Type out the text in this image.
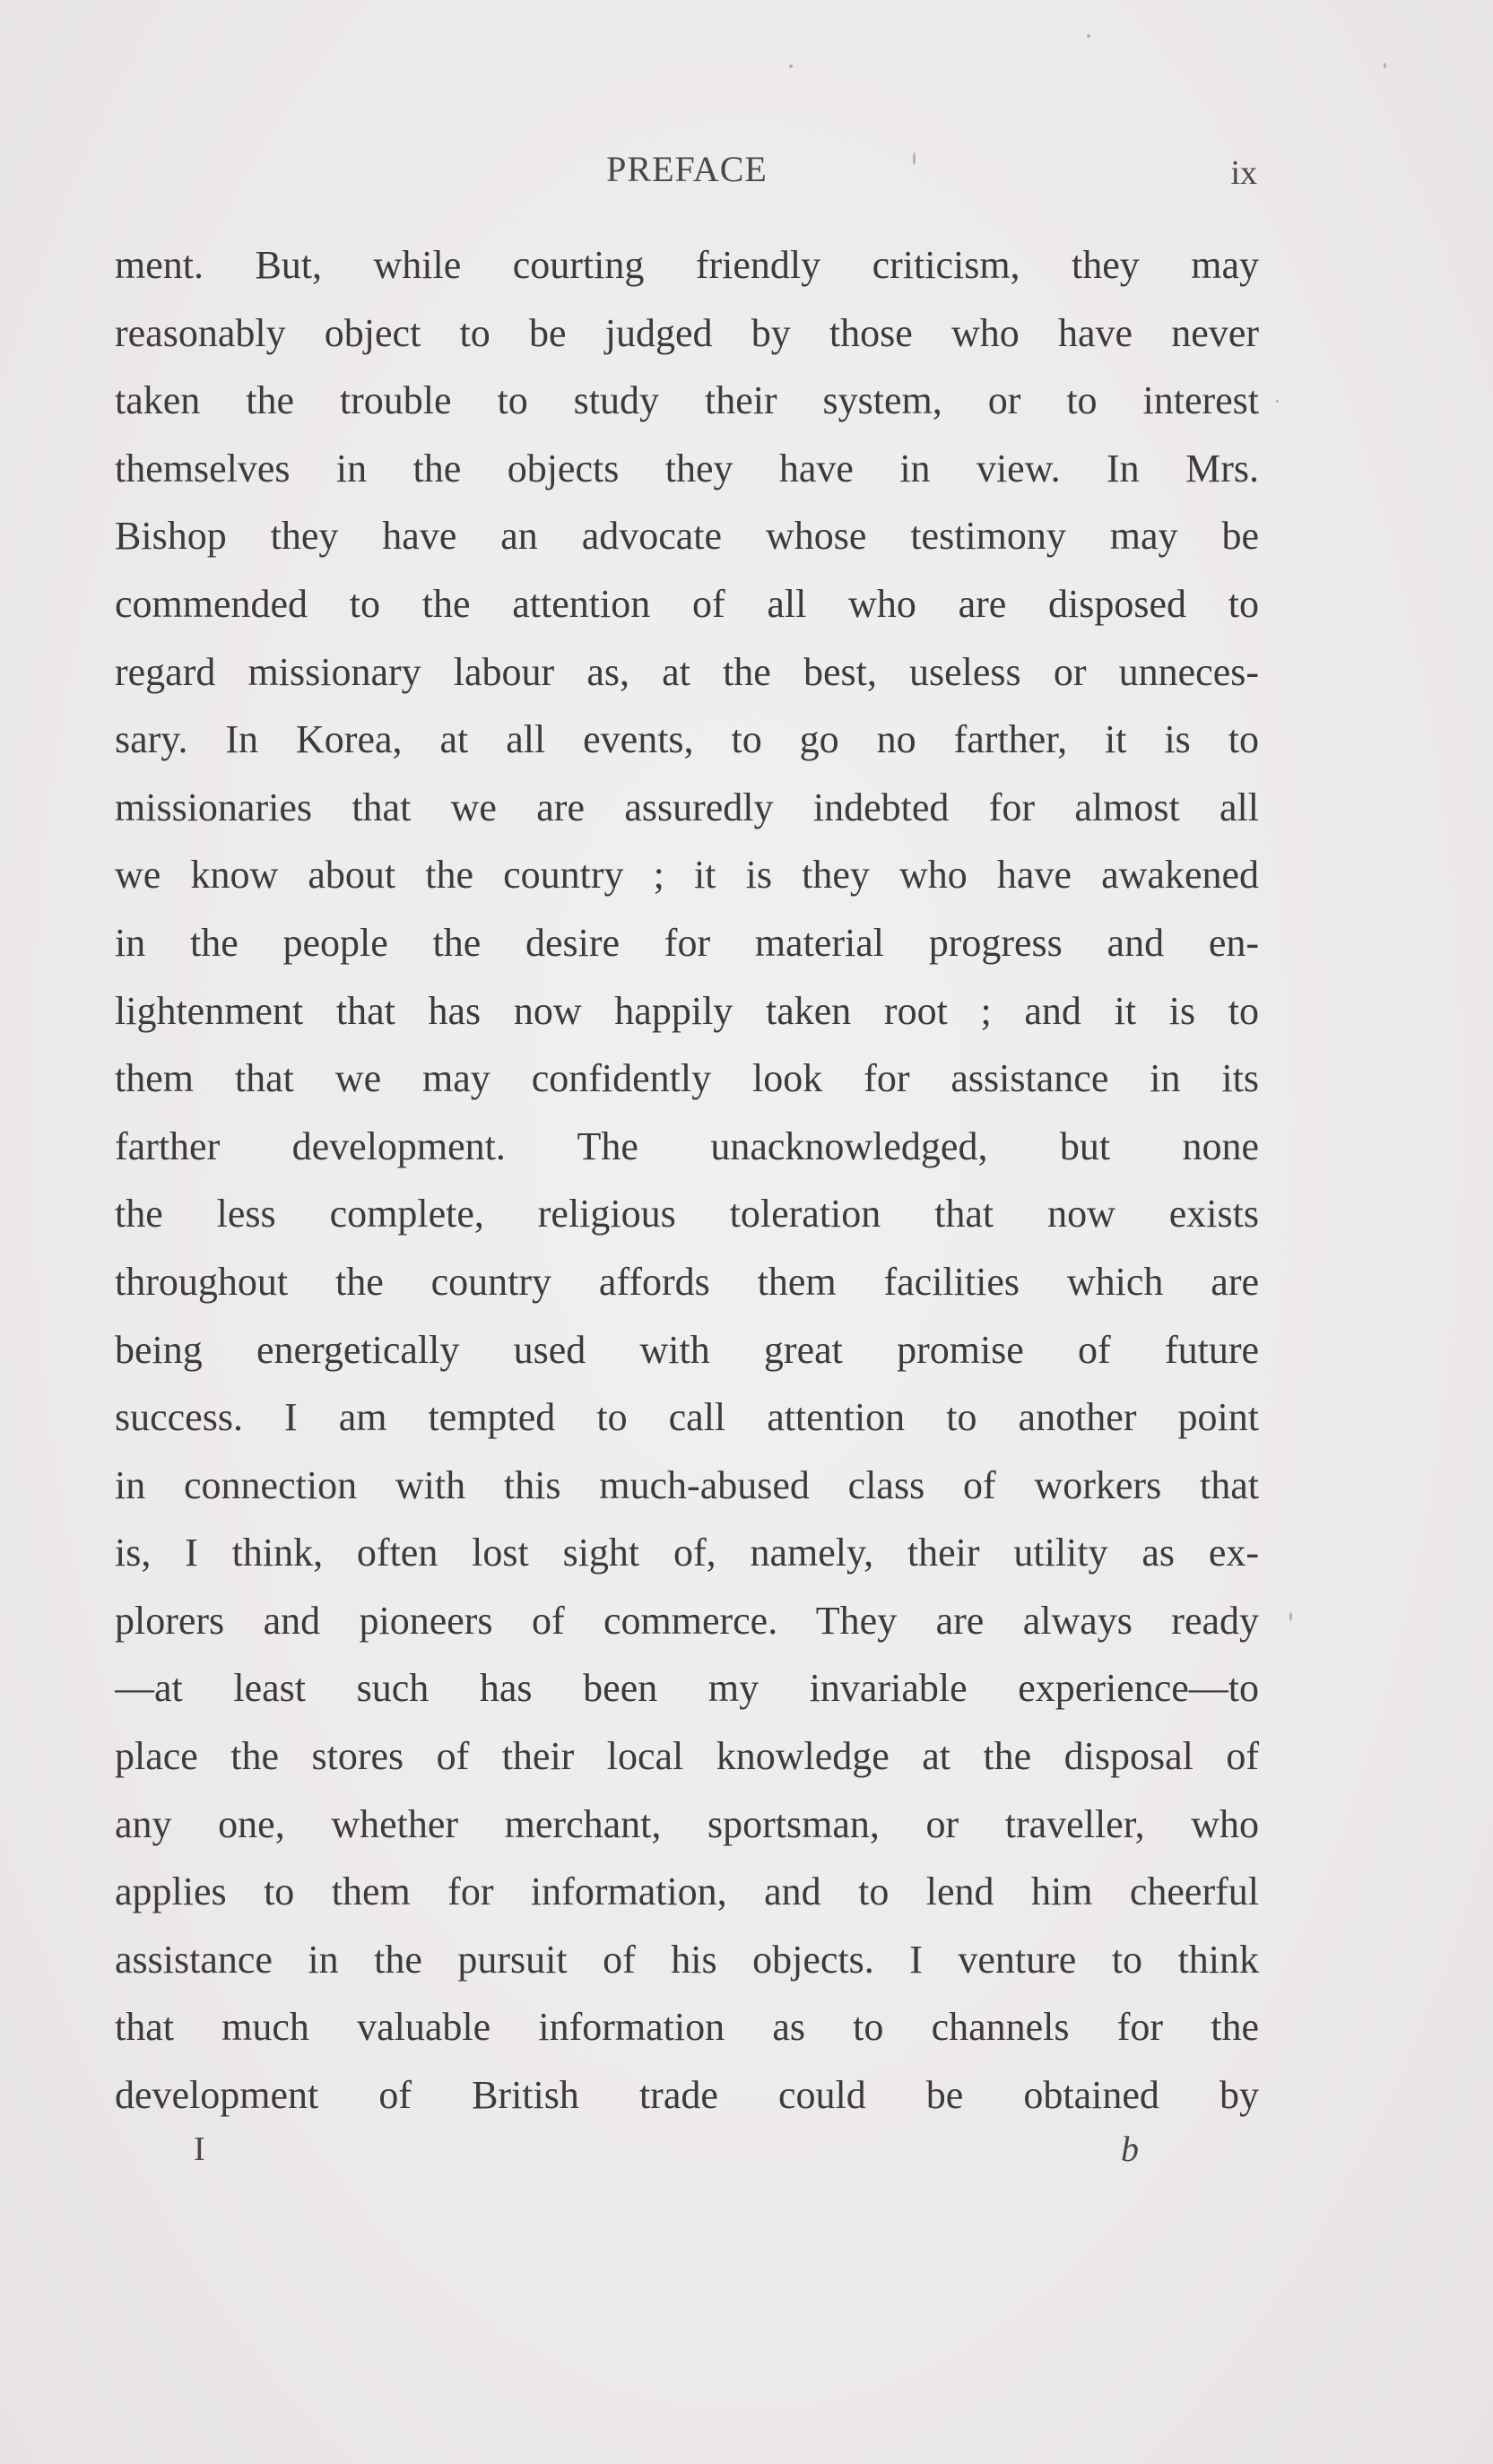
PREFACE	ix
ment. But, while courting friendly criticism, they may
reasonably object to be judged by those who have never
taken the trouble to study their system, or to interest
themselves in the objects they have in view. In Mrs.
Bishop they have an advocate whose testimony may be
commended to the attention of all who are disposed to
regard missionary labour as, at the best, useless or unneces-
sary. In Korea, at all events, to go no farther, it is to
missionaries that we are assuredly indebted for almost all
we know about the country ; it is they who have awakened
in the people the desire for material progress and en-
lightenment that has now happily taken root ; and it is to
them that we may confidently look for assistance in its
farther development. The unacknowledged, but none
the less complete, religious toleration that now exists
throughout the country affords them facilities which are
being energetically used with great promise of future
success. I am tempted to call attention to another point
in connection with this much-abused class of workers that
is, I think, often lost sight of, namely, their utility as ex-
plorers and pioneers of commerce. They are always ready
—at least such has been my invariable experience—to
place the stores of their local knowledge at the disposal of
any one, whether merchant, sportsman, or traveller, who
applies to them for information, and to lend him cheerful
assistance in the pursuit of his objects. I venture to think
that much valuable information as to channels for the
development of British trade could be obtained by
I	b
